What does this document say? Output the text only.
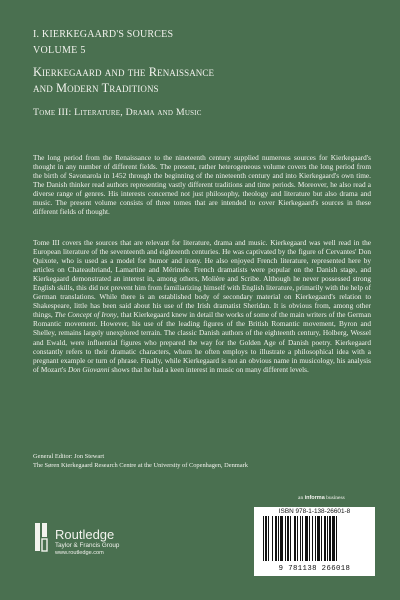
I. KIERKEGAARD'S SOURCES
VOLUME 5
Kierkegaard and the Renaissance
and Modern Traditions
Tome III: Literature, Drama and Music

The long period from the Renaissance to the nineteenth century supplied numerous sources for Kierkegaard's thought in any number of different fields. The present, rather heterogeneous volume covers the long period from the birth of Savonarola in 1452 through the beginning of the nineteenth century and into Kierkegaard's own time. The Danish thinker read authors representing vastly different traditions and time periods. Moreover, he also read a diverse range of genres. His interests concerned not just philosophy, theology and literature but also drama and music. The present volume consists of three tomes that are intended to cover Kierkegaard's sources in these different fields of thought.

Tome III covers the sources that are relevant for literature, drama and music. Kierkegaard was well read in the European literature of the seventeenth and eighteenth centuries. He was captivated by the figure of Cervantes' Don Quixote, who is used as a model for humor and irony. He also enjoyed French literature, represented here by articles on Chateaubriand, Lamartine and Mérimée. French dramatists were popular on the Danish stage, and Kierkegaard demonstrated an interest in, among others, Molière and Scribe. Although he never possessed strong English skills, this did not prevent him from familiarizing himself with English literature, primarily with the help of German translations. While there is an established body of secondary material on Kierkegaard's relation to Shakespeare, little has been said about his use of the Irish dramatist Sheridan. It is obvious from, among other things, The Concept of Irony, that Kierkegaard knew in detail the works of some of the main writers of the German Romantic movement. However, his use of the leading figures of the British Romantic movement, Byron and Shelley, remains largely unexplored terrain. The classic Danish authors of the eighteenth century, Holberg, Wessel and Ewald, were influential figures who prepared the way for the Golden Age of Danish poetry. Kierkegaard constantly refers to their dramatic characters, whom he often employs to illustrate a philosophical idea with a pregnant example or turn of phrase. Finally, while Kierkegaard is not an obvious name in musicology, his analysis of Mozart's Don Giovanni shows that he had a keen interest in music on many different levels.

General Editor: Jon Stewart
The Søren Kierkegaard Research Centre at the University of Copenhagen, Denmark
an informa business
Routledge
Taylor & Francis Group
www.routledge.com
ISBN 978-1-138-26601-8
9 781138 266018
